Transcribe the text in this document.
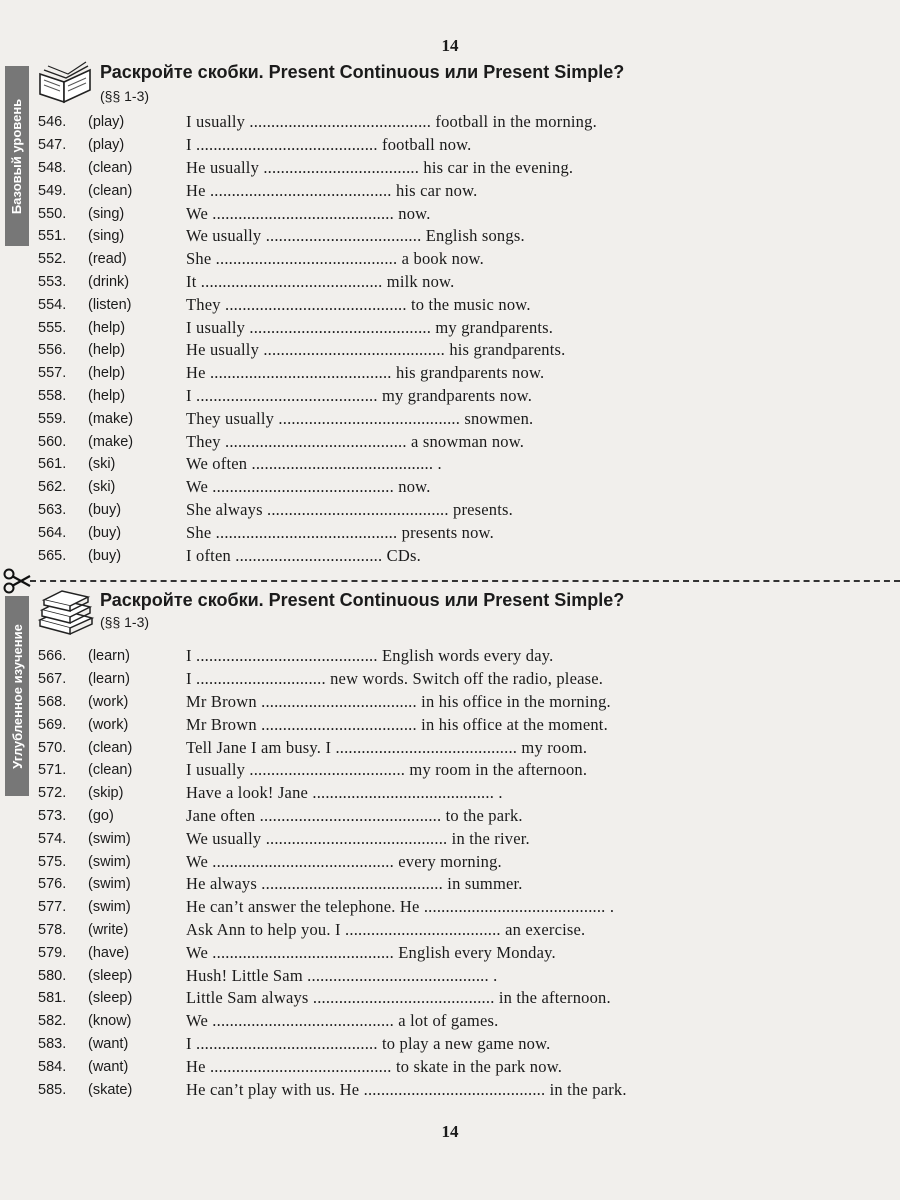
14
Базовый уровень
Раскройте скобки. Present Continuous или Present Simple?
(§§ 1-3)
546.	(play)	I usually .......................................... football in the morning.
547.	(play)	I .......................................... football now.
548.	(clean)	He usually .................................... his car in the evening.
549.	(clean)	He .......................................... his car now.
550.	(sing)	We .......................................... now.
551.	(sing)	We usually .................................... English songs.
552.	(read)	She .......................................... a book now.
553.	(drink)	It .......................................... milk now.
554.	(listen)	They .......................................... to the music now.
555.	(help)	I usually .......................................... my grandparents.
556.	(help)	He usually .......................................... his grandparents.
557.	(help)	He .......................................... his grandparents now.
558.	(help)	I .......................................... my grandparents now.
559.	(make)	They usually .......................................... snowmen.
560.	(make)	They .......................................... a snowman now.
561.	(ski)	We often .......................................... .
562.	(ski)	We .......................................... now.
563.	(buy)	She always .......................................... presents.
564.	(buy)	She .......................................... presents now.
565.	(buy)	I often .................................. CDs.
Углубленное изучение
Раскройте скобки. Present Continuous или Present Simple?
(§§ 1-3)
566.	(learn)	I .......................................... English words every day.
567.	(learn)	I .............................. new words. Switch off the radio, please.
568.	(work)	Mr Brown .................................... in his office in the morning.
569.	(work)	Mr Brown .................................... in his office at the moment.
570.	(clean)	Tell Jane I am busy. I .......................................... my room.
571.	(clean)	I usually .................................... my room in the afternoon.
572.	(skip)	Have a look! Jane .......................................... .
573.	(go)	Jane often .......................................... to the park.
574.	(swim)	We usually .......................................... in the river.
575.	(swim)	We .......................................... every morning.
576.	(swim)	He always .......................................... in summer.
577.	(swim)	He can’t answer the telephone. He .......................................... .
578.	(write)	Ask Ann to help you. I .................................... an exercise.
579.	(have)	We .......................................... English every Monday.
580.	(sleep)	Hush! Little Sam .......................................... .
581.	(sleep)	Little Sam always .......................................... in the afternoon.
582.	(know)	We .......................................... a lot of games.
583.	(want)	I .......................................... to play a new game now.
584.	(want)	He .......................................... to skate in the park now.
585.	(skate)	He can’t play with us. He .......................................... in the park.
14
